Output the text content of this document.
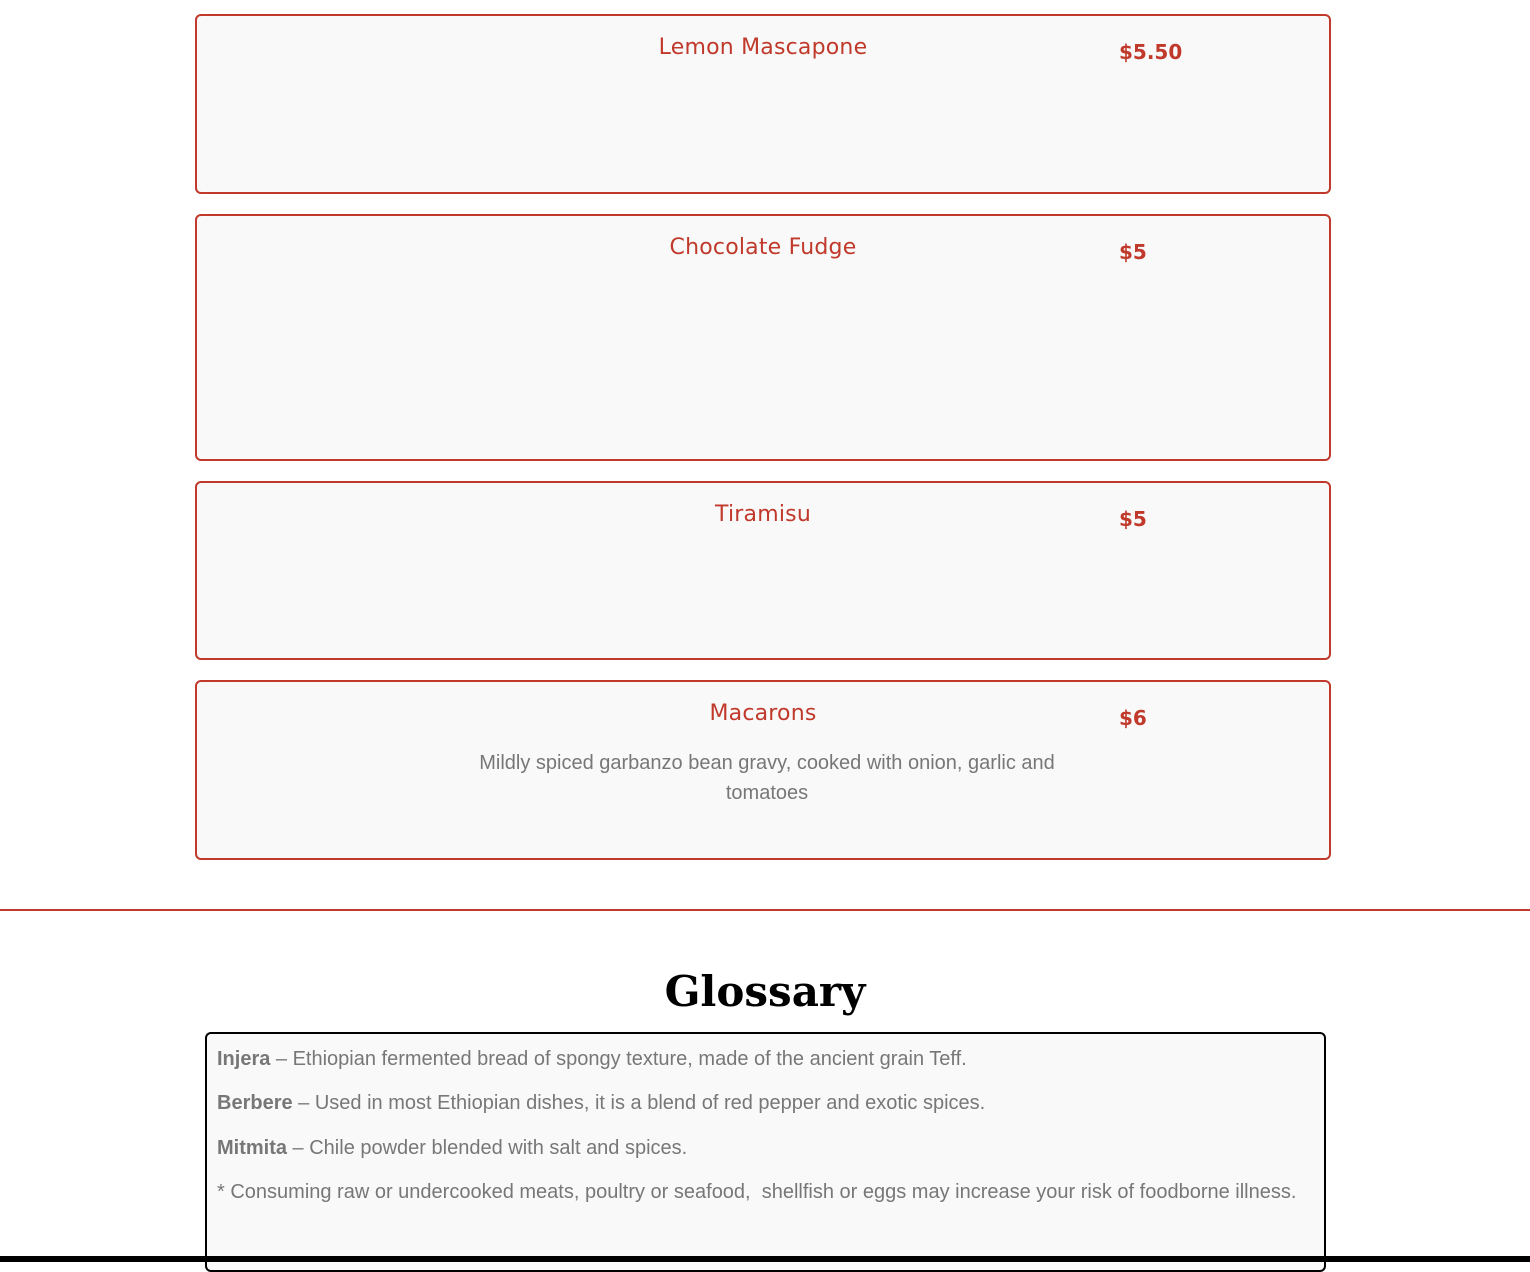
Lemon Mascapone	$5.50
Chocolate Fudge	$5
Tiramisu	$5
Macarons	$6
Mildly spiced garbanzo bean gravy, cooked with onion, garlic and tomatoes
Glossary
Injera – Ethiopian fermented bread of spongy texture, made of the ancient grain Teff.
Berbere – Used in most Ethiopian dishes, it is a blend of red pepper and exotic spices.
Mitmita – Chile powder blended with salt and spices.
* Consuming raw or undercooked meats, poultry or seafood,  shellfish or eggs may increase your risk of foodborne illness.
